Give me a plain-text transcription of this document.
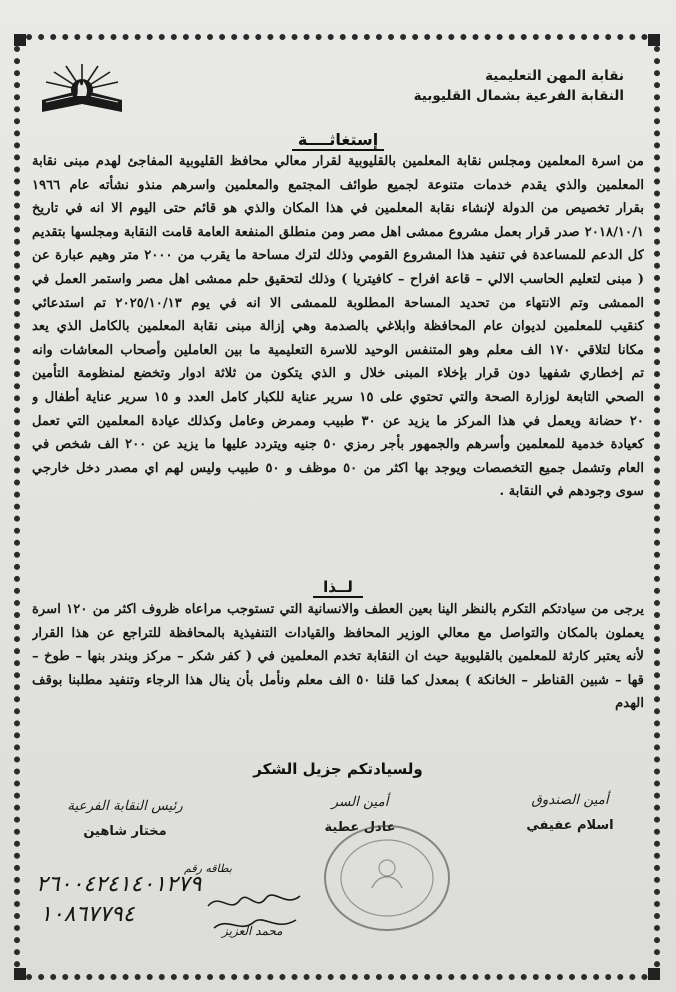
نقابة المهن التعليمية
النقابة الفرعية بشمال القليوبية
إستغاثــــة
من اسرة المعلمين ومجلس نقابة المعلمين بالقليوبية لقرار معالي محافظ القليوبية المفاجئ لهدم مبنى نقابة
المعلمين والذي يقدم خدمات متنوعة لجميع طوائف المجتمع والمعلمين واسرهم منذو نشأته عام ١٩٦٦
بقرار تخصيص من الدولة لإنشاء نقابة المعلمين في هذا المكان والذي هو قائم حتى اليوم الا انه في تاريخ
٢٠١٨/١٠/١ صدر قرار بعمل مشروع ممشى اهل مصر ومن منطلق المنفعة العامة قامت النقابة ومجلسها بتقديم
كل الدعم للمساعدة في تنفيد هذا المشروع القومي وذلك لترك مساحة ما يقرب من ٢٠٠٠ متر وهيم عبارة عن
( مبنى لتعليم الحاسب الالي – قاعة افراح – كافيتريا ) وذلك لتحقيق حلم ممشى اهل مصر واستمر العمل في
الممشى وتم الانتهاء من تحديد المساحة المطلوبة للممشى الا انه في يوم ٢٠٢٥/١٠/١٣ تم استدعائي
كنقيب للمعلمين لديوان عام المحافظة وابلاغي بالصدمة وهي إزالة مبنى نقابة المعلمين بالكامل الذي يعد
مكانا لتلاقي ١٧٠ الف معلم وهو المتنفس الوحيد للاسرة التعليمية ما بين العاملين وأصحاب المعاشات وانه
تم إخطاري شفهيا دون قرار بإخلاء المبنى خلال و الذي يتكون من ثلاثة ادوار وتخضع لمنظومة التأمين
الصحي التابعة لوزارة الصحة والتي تحتوي على ١٥ سرير عناية للكبار كامل العدد و ١٥ سرير عناية أطفال و
٢٠ حضانة ويعمل في هذا المركز ما يزيد عن ٣٠ طبيب وممرض وعامل وكذلك عيادة المعلمين التي تعمل
كعيادة خدمية للمعلمين وأسرهم والجمهور بأجر رمزي ٥٠ جنيه ويتردد عليها ما يزيد عن ٢٠٠ الف شخص في
العام وتشمل جميع التخصصات ويوجد بها اكثر من ٥٠ موظف و ٥٠ طبيب وليس لهم اي مصدر دخل خارجي
سوى وجودهم في النقابة .
لــذا
يرجى من سيادتكم التكرم بالنظر الينا بعين العطف والانسانية التي تستوجب مراعاه ظروف اكثر من ١٢٠ اسرة
يعملون بالمكان والتواصل مع معالي الوزير المحافظ والقيادات التنفيذية بالمحافظة للتراجع عن هذا القرار
لأنه يعتبر كارثة للمعلمين بالقليوبية حيث ان النقابة تخدم المعلمين في ( كفر شكر – مركز وبندر بنها – طوخ –
قها – شبين القناطر – الخانكة ) بمعدل كما قلنا ٥٠ الف معلم ونأمل بأن ينال هذا الرجاء وتنفيد مطلبنا بوقف
الهدم
ولسيادتكم جزيل الشكر
أمين الصندوق
اسلام عفيفي
أمين السر
عادل عطية
رئيس النقابة الفرعية
مختار شاهين
بطاقه رقم
٢٦٠٠٤٢٤١٤٠١٢٧٩
١٠٨٦٧٧٩٤
محمد العزيز
